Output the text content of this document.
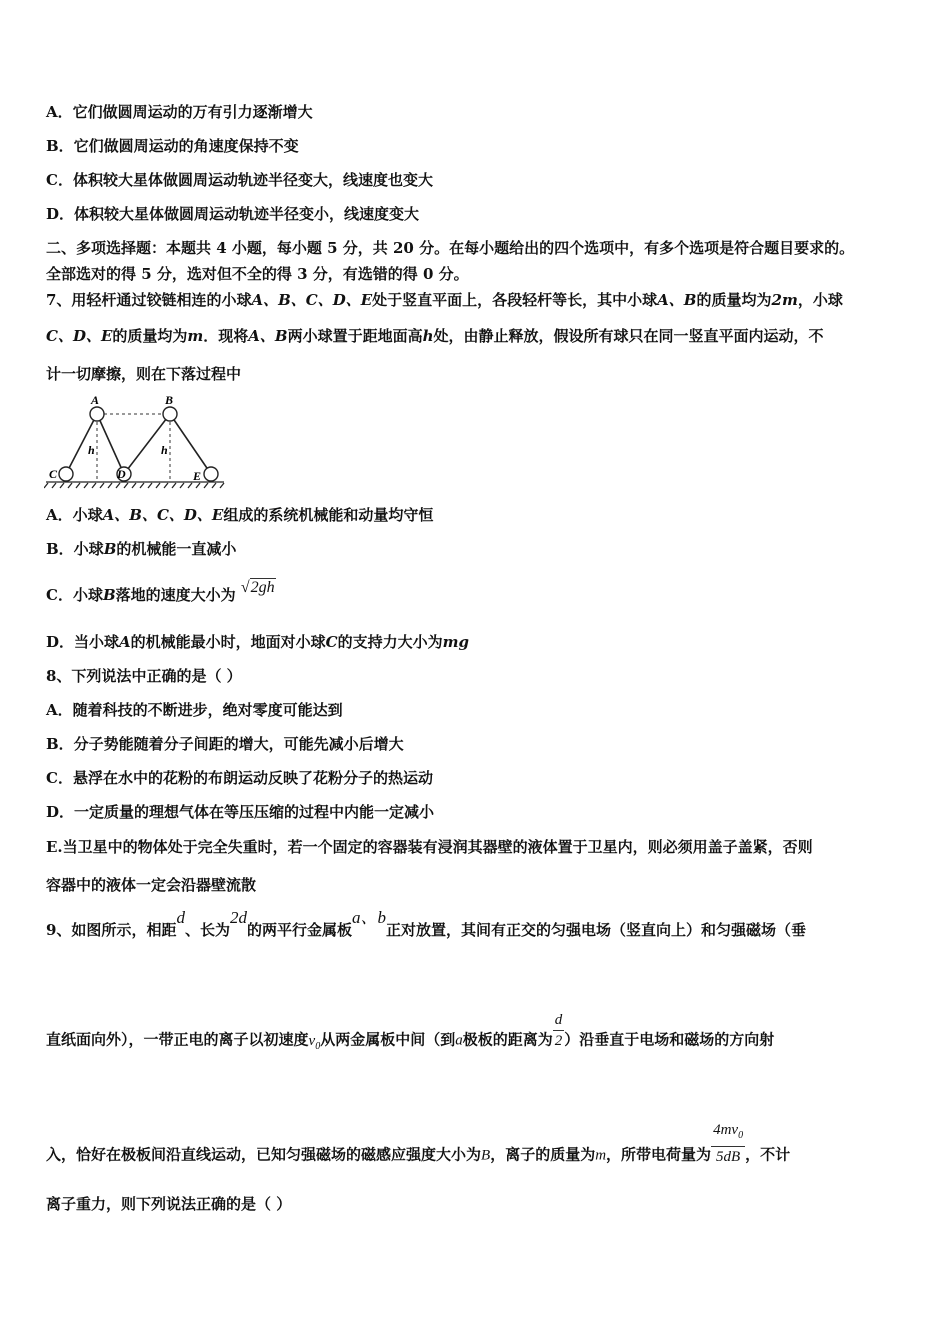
A．它们做圆周运动的万有引力逐渐增大
B．它们做圆周运动的角速度保持不变
C．体积较大星体做圆周运动轨迹半径变大，线速度也变大
D．体积较大星体做圆周运动轨迹半径变小，线速度变大
二、多项选择题：本题共 4 小题，每小题 5 分，共 20 分。在每小题给出的四个选项中，有多个选项是符合题目要求的。
全部选对的得 5 分，选对但不全的得 3 分，有选错的得 0 分。
7、用轻杆通过铰链相连的小球A、B、C、D、E处于竖直平面上，各段轻杆等长，其中小球A、B的质量均为2m，小球
C、D、E的质量均为m．现将A、B两小球置于距地面高h处，由静止释放，假设所有球只在同一竖直平面内运动，不
计一切摩擦，则在下落过程中
A	B
C	D	E
h	h
A．小球A、B、C、D、E组成的系统机械能和动量均守恒
B．小球B的机械能一直减小
C．小球B落地的速度大小为 √2gh
D．当小球A的机械能最小时，地面对小球C的支持力大小为mg
8、下列说法中正确的是（ ）
A．随着科技的不断进步，绝对零度可能达到
B．分子势能随着分子间距的增大，可能先减小后增大
C．悬浮在水中的花粉的布朗运动反映了花粉分子的热运动
D．一定质量的理想气体在等压压缩的过程中内能一定减小
E.当卫星中的物体处于完全失重时，若一个固定的容器装有浸润其器壁的液体置于卫星内，则必须用盖子盖紧，否则
容器中的液体一定会沿器壁流散
9、如图所示，相距d、长为2d的两平行金属板a、b正对放置，其间有正交的匀强电场（竖直向上）和匀强磁场（垂
直纸面向外），一带正电的离子以初速度$v_0$从两金属板中间（到a极板的距离为 $\frac{d}{2}$ ）沿垂直于电场和磁场的方向射
入，恰好在极板间沿直线运动，已知匀强磁场的磁感应强度大小为B，离子的质量为m，所带电荷量为 $\frac{4mv_0}{5dB}$ ，不计
离子重力，则下列说法正确的是（ ）
